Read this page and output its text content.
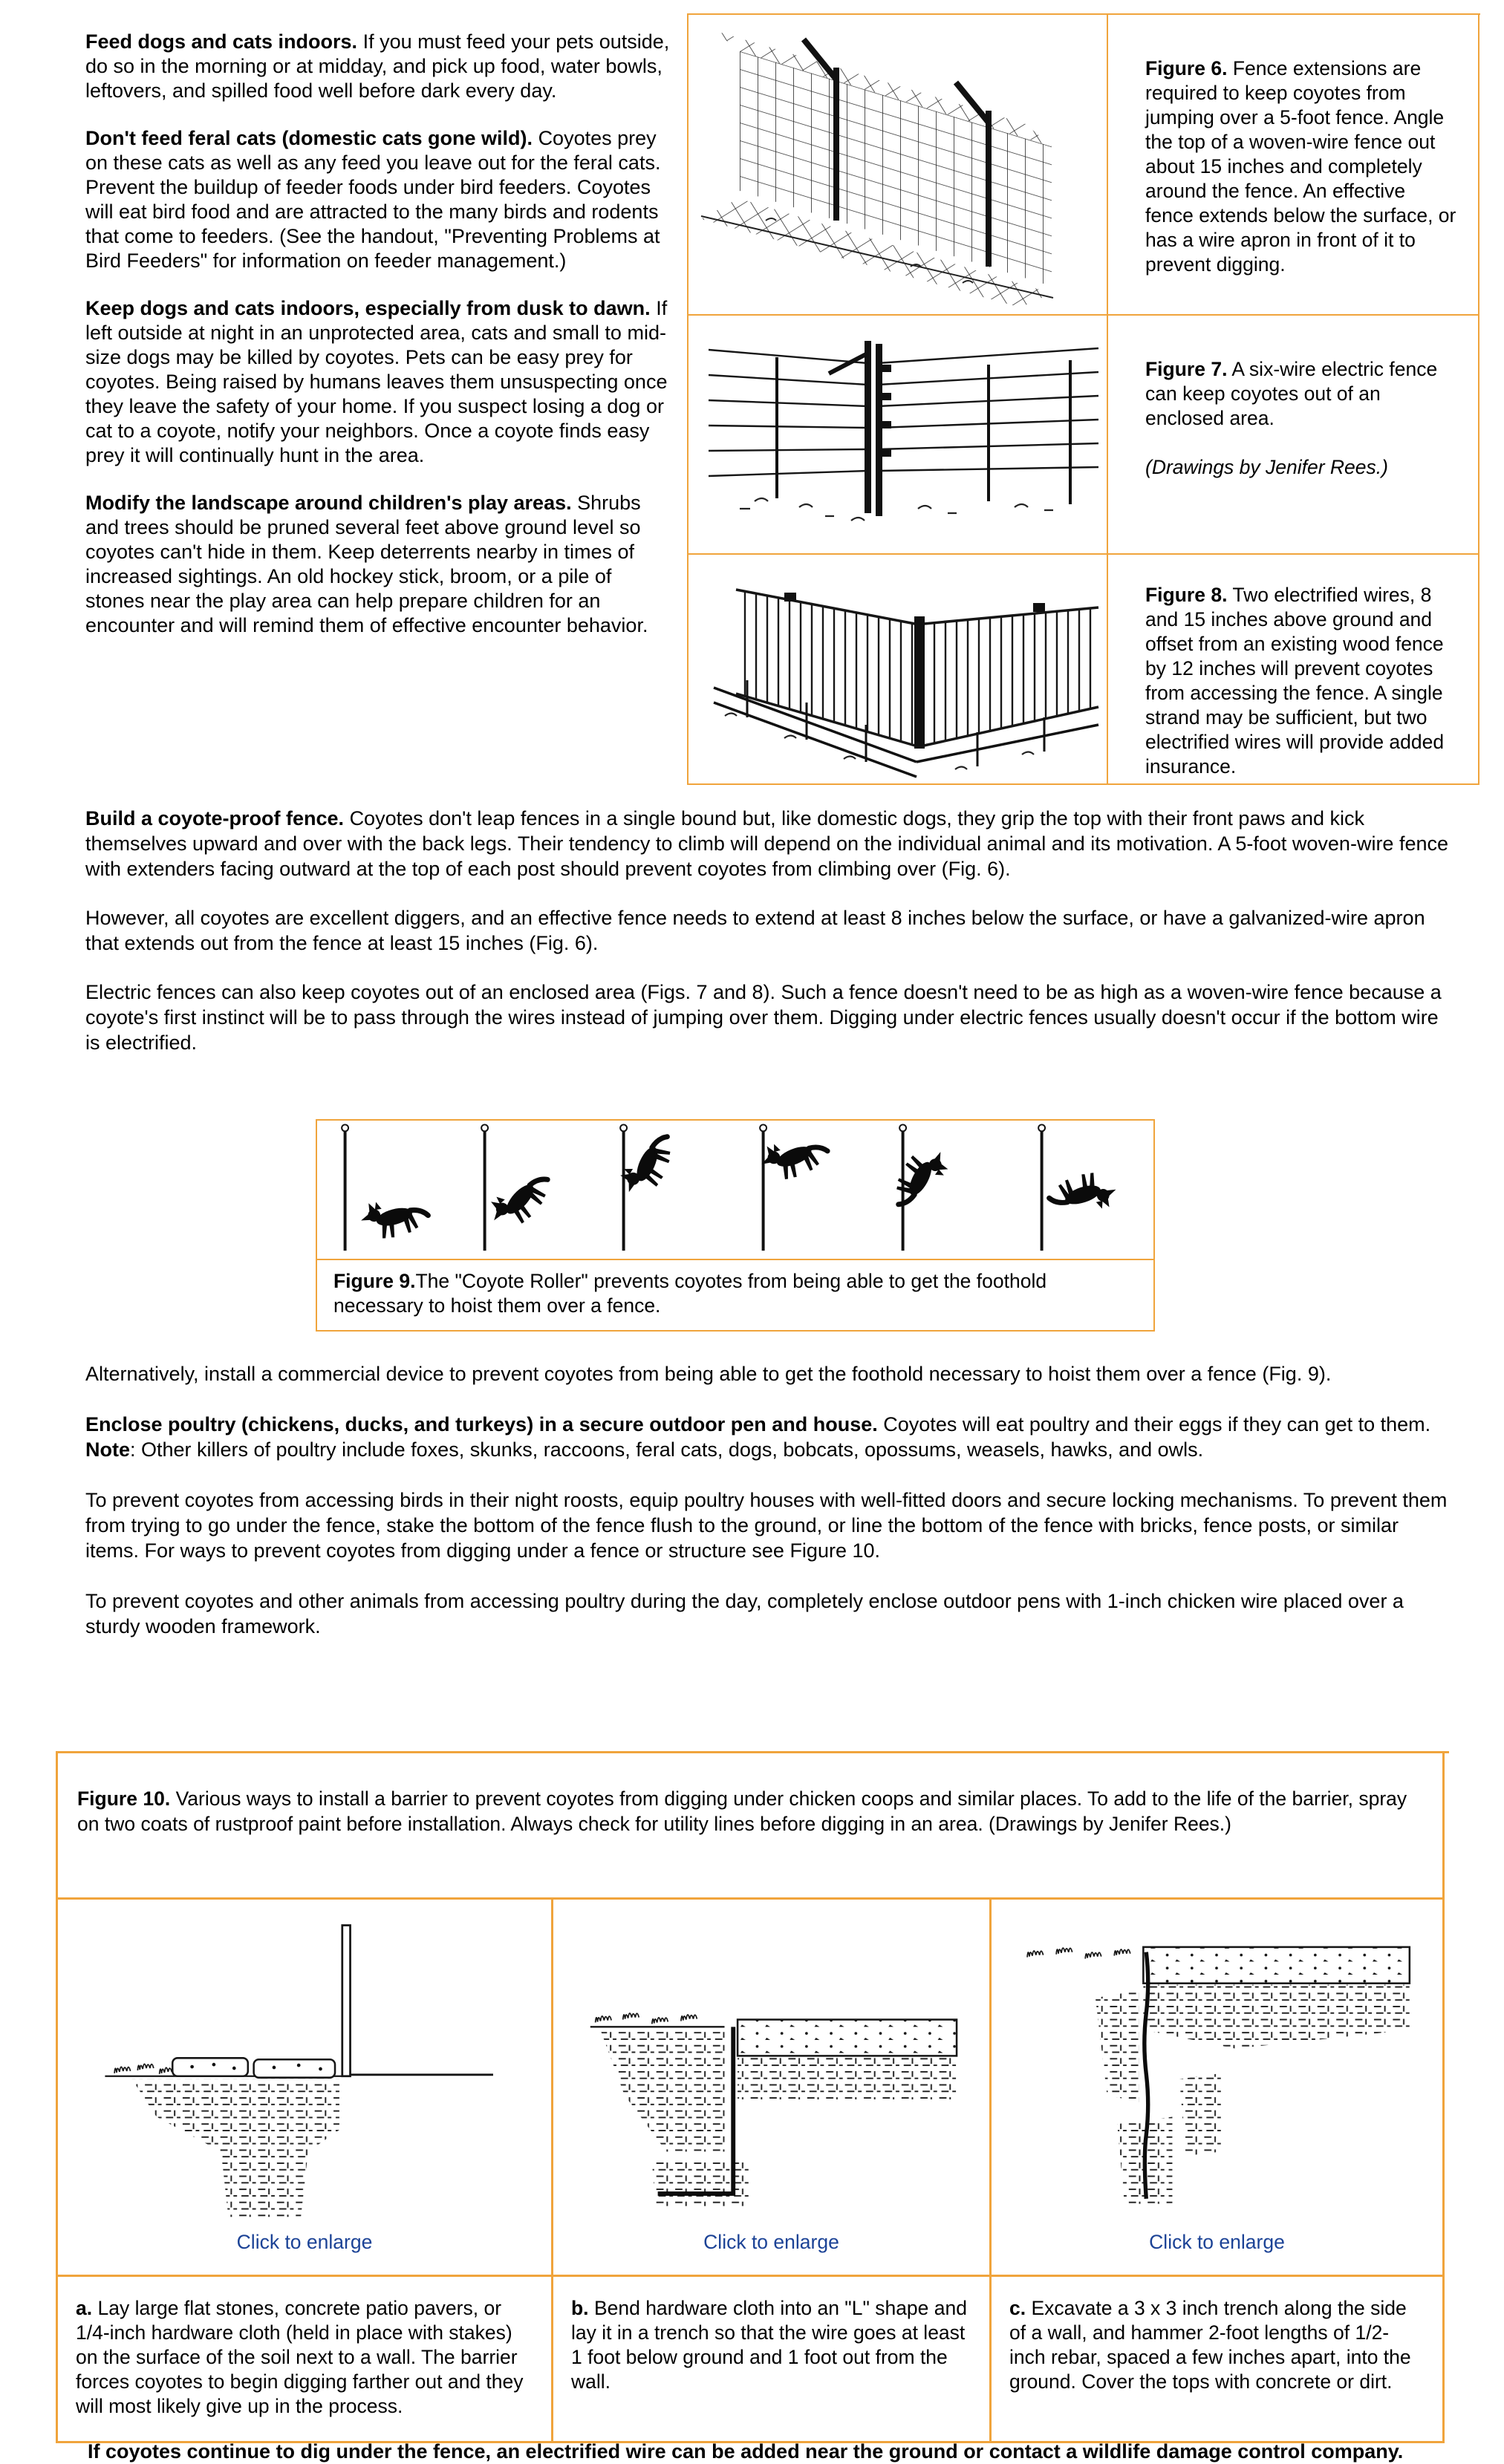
Feed dogs and cats indoors. If you must feed your pets outside, do so in the morning or at midday, and pick up food, water bowls, leftovers, and spilled food well before dark every day.

Don't feed feral cats (domestic cats gone wild). Coyotes prey on these cats as well as any feed you leave out for the feral cats.
Prevent the buildup of feeder foods under bird feeders. Coyotes will eat bird food and are attracted to the many birds and rodents that come to feeders. (See the handout, "Preventing Problems at Bird Feeders" for information on feeder management.)

Keep dogs and cats indoors, especially from dusk to dawn. If left outside at night in an unprotected area, cats and small to mid-size dogs may be killed by coyotes. Pets can be easy prey for coyotes. Being raised by humans leaves them unsuspecting once they leave the safety of your home. If you suspect losing a dog or cat to a coyote, notify your neighbors. Once a coyote finds easy prey it will continually hunt in the area.

Modify the landscape around children's play areas. Shrubs and trees should be pruned several feet above ground level so coyotes can't hide in them. Keep deterrents nearby in times of increased sightings. An old hockey stick, broom, or a pile of stones near the play area can help prepare children for an encounter and will remind them of effective encounter behavior.

Figure 6. Fence extensions are required to keep coyotes from jumping over a 5-foot fence. Angle the top of a woven-wire fence out about 15 inches and completely around the fence. An effective fence extends below the surface, or has a wire apron in front of it to prevent digging.
Figure 7. A six-wire electric fence can keep coyotes out of an enclosed area.
(Drawings by Jenifer Rees.)
Figure 8. Two electrified wires, 8 and 15 inches above ground and offset from an existing wood fence by 12 inches will prevent coyotes from accessing the fence. A single strand may be sufficient, but two electrified wires will provide added insurance.

Build a coyote-proof fence. Coyotes don't leap fences in a single bound but, like domestic dogs, they grip the top with their front paws and kick themselves upward and over with the back legs. Their tendency to climb will depend on the individual animal and its motivation. A 5-foot woven-wire fence with extenders facing outward at the top of each post should prevent coyotes from climbing over (Fig. 6).

However, all coyotes are excellent diggers, and an effective fence needs to extend at least 8 inches below the surface, or have a galvanized-wire apron that extends out from the fence at least 15 inches (Fig. 6).

Electric fences can also keep coyotes out of an enclosed area (Figs. 7 and 8). Such a fence doesn't need to be as high as a woven-wire fence because a coyote's first instinct will be to pass through the wires instead of jumping over them. Digging under electric fences usually doesn't occur if the bottom wire is electrified.

Figure 9.The "Coyote Roller" prevents coyotes from being able to get the foothold necessary to hoist them over a fence.

Alternatively, install a commercial device to prevent coyotes from being able to get the foothold necessary to hoist them over a fence (Fig. 9).

Enclose poultry (chickens, ducks, and turkeys) in a secure outdoor pen and house. Coyotes will eat poultry and their eggs if they can get to them. Note: Other killers of poultry include foxes, skunks, raccoons, feral cats, dogs, bobcats, opossums, weasels, hawks, and owls.

To prevent coyotes from accessing birds in their night roosts, equip poultry houses with well-fitted doors and secure locking mechanisms. To prevent them from trying to go under the fence, stake the bottom of the fence flush to the ground, or line the bottom of the fence with bricks, fence posts, or similar items. For ways to prevent coyotes from digging under a fence or structure see Figure 10.

To prevent coyotes and other animals from accessing poultry during the day, completely enclose outdoor pens with 1-inch chicken wire placed over a sturdy wooden framework.

Figure 10. Various ways to install a barrier to prevent coyotes from digging under chicken coops and similar places. To add to the life of the barrier, spray on two coats of rustproof paint before installation. Always check for utility lines before digging in an area. (Drawings by Jenifer Rees.)
Click to enlarge	Click to enlarge	Click to enlarge
a. Lay large flat stones, concrete patio pavers, or 1/4-inch hardware cloth (held in place with stakes) on the surface of the soil next to a wall. The barrier forces coyotes to begin digging farther out and they will most likely give up in the process.
b. Bend hardware cloth into an "L" shape and lay it in a trench so that the wire goes at least 1 foot below ground and 1 foot out from the wall.
c. Excavate a 3 x 3 inch trench along the side of a wall, and hammer 2-foot lengths of 1/2-inch rebar, spaced a few inches apart, into the ground. Cover the tops with concrete or dirt.
If coyotes continue to dig under the fence, an electrified wire can be added near the ground or contact a wildlife damage control company.
